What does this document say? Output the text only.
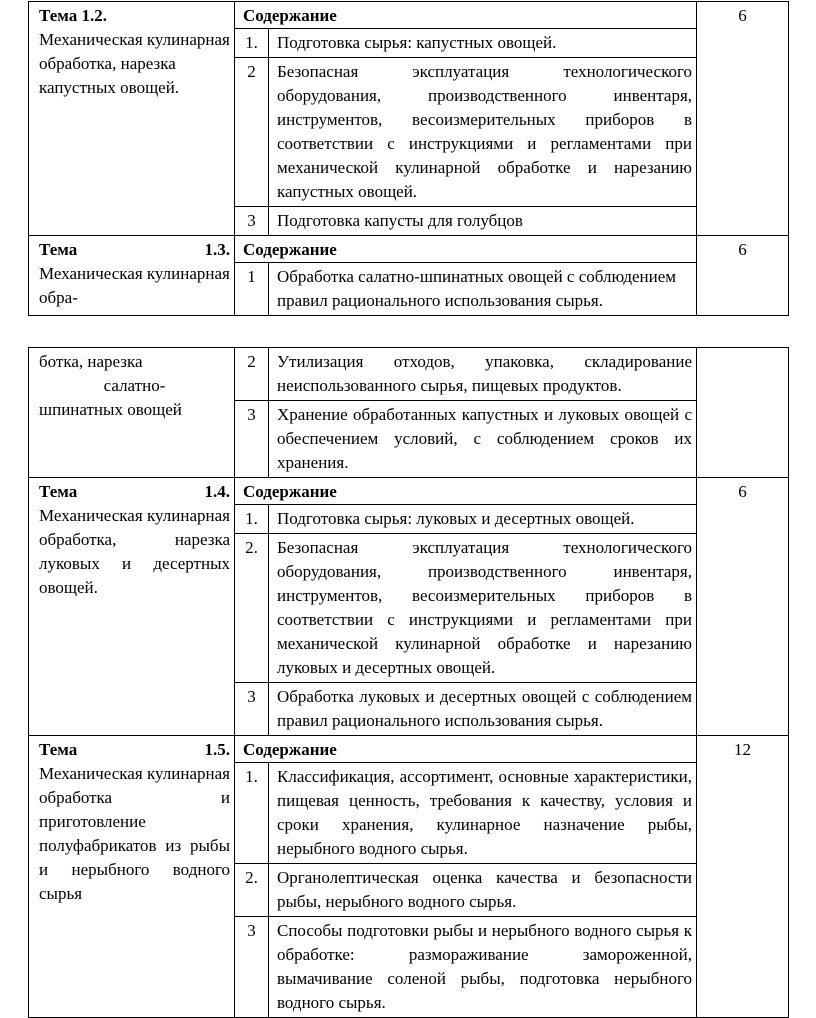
Тема 1.2.
Механическая кулинарная обработка, нарезка капустных овощей.	Содержание		6
	1.	Подготовка сырья: капустных овощей.	
	2	Безопасная эксплуатация технологического оборудования, производственного инвентаря, инструментов, весоизмерительных приборов в соответствии с инструкциями и регламентами при механической кулинарной обработке и нарезанию капустных овощей.	
	3	Подготовка капусты для голубцов	

Тема 1.3.
Механическая кулинарная обра-	Содержание		6
	1	Обработка салатно-шпинатных овощей с соблюдением правил рационального использования сырья.	
ботка, нарезка
салатно-
шпинатных овощей	2	Утилизация отходов, упаковка, складирование неиспользованного сырья, пищевых продуктов.	
	3	Хранение обработанных капустных и луковых овощей с обеспечением условий, с соблюдением сроков их хранения.	

Тема 1.4.
Механическая кулинарная обработка, нарезка луковых и десертных овощей.	Содержание		6
	1.	Подготовка сырья: луковых и десертных овощей.	
	2.	Безопасная эксплуатация технологического оборудования, производственного инвентаря, инструментов, весоизмерительных приборов в соответствии с инструкциями и регламентами при механической кулинарной обработке и нарезанию луковых и десертных овощей.	
	3	Обработка луковых и десертных овощей с соблюдением правил рационального использования сырья.	

Тема 1.5.
Механическая кулинарная обработка и приготовление полуфабрикатов из рыбы и нерыбного водного сырья	Содержание		12
	1.	Классификация, ассортимент, основные характеристики, пищевая ценность, требования к качеству, условия и сроки хранения, кулинарное назначение рыбы, нерыбного водного сырья.	
	2.	Органолептическая оценка качества и безопасности рыбы, нерыбного водного сырья.	
	3	Способы подготовки рыбы и нерыбного водного сырья к обработке: размораживание замороженной, вымачивание соленой рыбы, подготовка нерыбного водного сырья.	
